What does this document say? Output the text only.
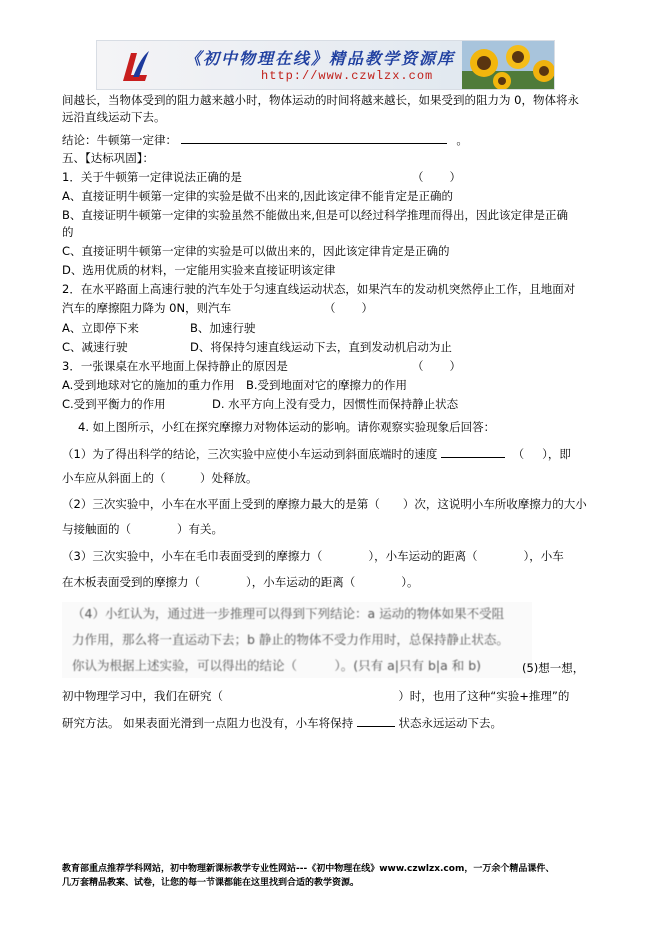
《初中物理在线》精品教学资源库
http://www.czwlzx.com
间越长，当物体受到的阻力越来越小时，物体运动的时间将越来越长，如果受到的阻力为 0，物体将永
远沿直线运动下去。
结论：牛顿第一定律：	。
五、【达标巩固】：
1．关于牛顿第一定律说法正确的是	（ ）
A、直接证明牛顿第一定律的实验是做不出来的,因此该定律不能肯定是正确的
B、直接证明牛顿第一定律的实验虽然不能做出来,但是可以经过科学推理而得出，因此该定律是正确
的
C、直接证明牛顿第一定律的实验是可以做出来的，因此该定律肯定是正确的
D、选用优质的材料，一定能用实验来直接证明该定律
2．在水平路面上高速行驶的汽车处于匀速直线运动状态，如果汽车的发动机突然停止工作，且地面对
汽车的摩擦阻力降为 0N，则汽车	（ ）
A、立即停下来	B、加速行驶
C、减速行驶	D、将保持匀速直线运动下去，直到发动机启动为止
3．一张课桌在水平地面上保持静止的原因是	（ ）
A.受到地球对它的施加的重力作用 B.受到地面对它的摩擦力的作用
C.受到平衡力的作用	D. 水平方向上没有受力，因惯性而保持静止状态
4. 如上图所示，小红在探究摩擦力对物体运动的影响。请你观察实验现象后回答：
（1）为了得出科学的结论，三次实验中应使小车运动到斜面底端时的速度	（ ），即
小车应从斜面上的（　　　）处释放。
（2）三次实验中，小车在水平面上受到的摩擦力最大的是第（　　）次，这说明小车所收摩擦力的大小
与接触面的（　　　　）有关。
（3）三次实验中，小车在毛巾表面受到的摩擦力（　　　　），小车运动的距离（　　　　），小车
在木板表面受到的摩擦力（　　　　），小车运动的距离（　　　　）。
（4）小红认为，通过进一步推理可以得到下列结论：a 运动的物体如果不受阻
力作用，那么将一直运动下去；b 静止的物体不受力作用时，总保持静止状态。
你认为根据上述实验，可以得出的结论（　　　）。(只有 a|只有 b|a 和 b)	(5)想一想，
初中物理学习中，我们在研究（	）时，也用了这种“实验+推理”的
研究方法。 如果表面光滑到一点阻力也没有，小车将保持	状态永远运动下去。
教育部重点推荐学科网站，初中物理新课标教学专业性网站---《初中物理在线》www.czwlzx.com，一万余个精品课件、
几万套精品教案、试卷，让您的每一节课都能在这里找到合适的教学资源。
